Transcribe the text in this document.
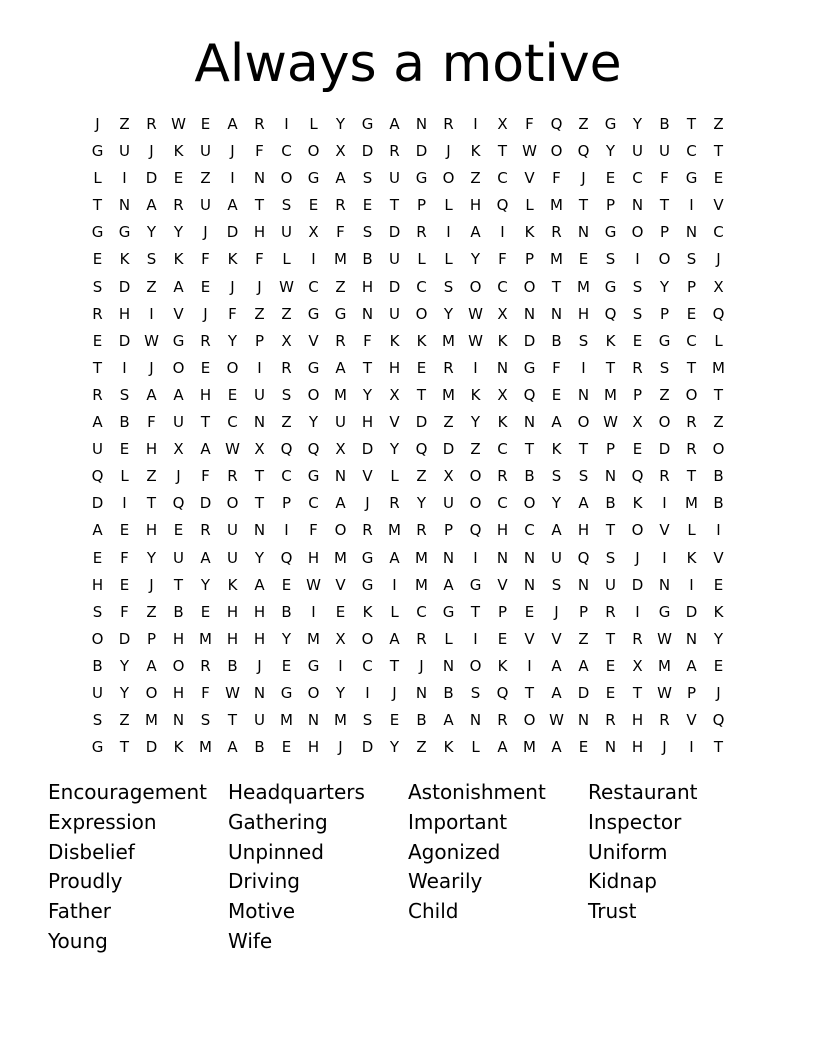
Always a motive
J	Z	R W E	A	R	I	L	Y	G	A	N	R	I	X	F	Q	Z	G	Y	B	T	Z
G	U	J	K	U	J	F	C	O	X	D	R	D	J	K	T	W O	Q	Y	U	U	C	T
L	I	D	E	Z	I	N	O	G	A	S	U	G	O	Z	C	V	F	J	E	C	F	G	E
T	N	A	R	U	A	T	S	E	R	E	T	P	L	H	Q	L	M	T	P	N	T	I	V
G	G	Y	Y	J	D	H	U	X	F	S	D	R	I	A	I	K	R	N	G	O	P	N	C
E	K	S	K	F	K	F	L	I	M	B	U	L	L	Y	F	P	M	E	S	I	O	S	J
S	D	Z	A	E	J	J	W C	Z	H	D	C	S	O	C	O	T	M G	S	Y	P	X
R	H	I	V	J	F	Z	Z	G	G	N	U	O	Y	W X	N	N	H	Q	S	P	E	Q
E	D W G	R	Y	P	X	V	R	F	K	K	M W K	D	B	S	K	E	G	C	L
T	I	J	O	E	O	I	R	G	A	T	H	E	R	I	N	G	F	I	T	R	S	T	M
R	S	A	A	H	E	U	S	O M	Y	X	T	M	K	X	Q	E	N M	P	Z	O	T
A	B	F	U	T	C	N	Z	Y	U	H	V	D	Z	Y	K	N	A	O W X	O	R	Z
U	E	H	X	A W X	Q	Q	X	D	Y	Q	D	Z	C	T	K	T	P	E	D	R	O
Q	L	Z	J	F	R	T	C	G	N	V	L	Z	X	O	R	B	S	S	N	Q	R	T	B
D	I	T	Q	D	O	T	P	C	A	J	R	Y	U	O	C	O	Y	A	B	K	I	M	B
A	E	H	E	R	U	N	I	F	O	R	M	R	P	Q	H	C	A	H	T	O	V	L	I
E	F	Y	U	A	U	Y	Q	H M G	A	M N	I	N	N	U	Q	S	J	I	K	V
H	E	J	T	Y	K	A	E W V	G	I	M	A	G	V	N	S	N	U	D	N	I	E
S	F	Z	B	E	H	H	B	I	E	K	L	C	G	T	P	E	J	P	R	I	G	D	K
O	D	P	H M H	H	Y	M	X	O	A	R	L	I	E	V	V	Z	T	R W N	Y
B	Y	A	O	R	B	J	E	G	I	C	T	J	N	O	K	I	A	A	E	X	M	A	E
U	Y	O	H	F	W N	G	O	Y	I	J	N	B	S	Q	T	A	D	E	T	W	P	J
S	Z	M N	S	T	U	M N M	S	E	B	A	N	R	O W N	R	H	R	V	Q
G	T	D	K	M	A	B	E	H	J	D	Y	Z	K	L	A	M	A	E	N	H	J	I	T
Encouragement	Headquarters	Astonishment	Restaurant
Expression	Gathering	Important	Inspector
Disbelief	Unpinned	Agonized	Uniform
Proudly	Driving	Wearily	Kidnap
Father	Motive	Child	Trust
Young	Wife
